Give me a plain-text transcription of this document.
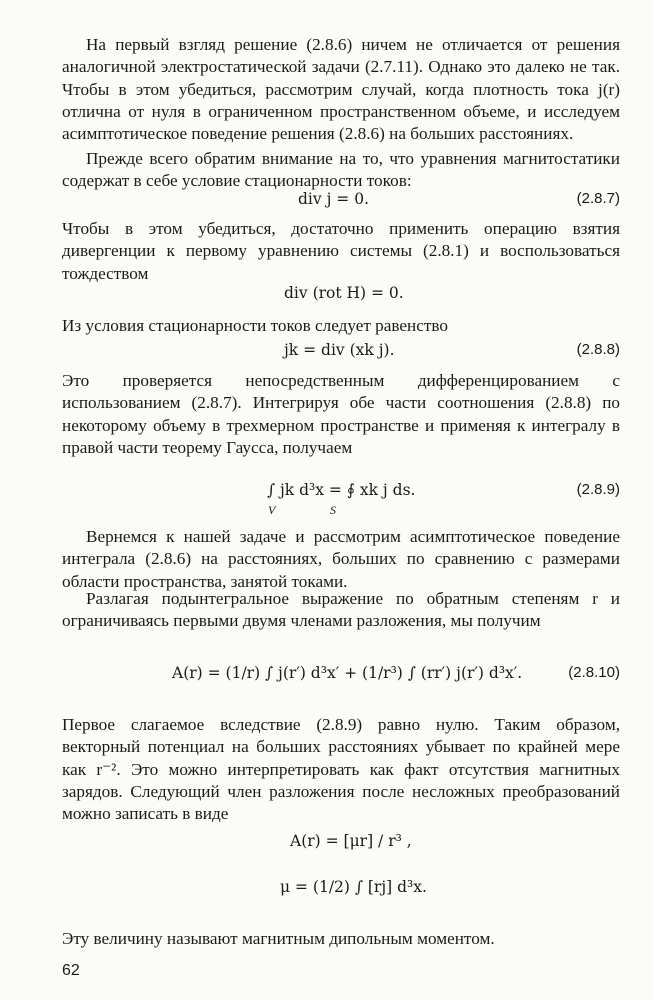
На первый взгляд решение (2.8.6) ничем не отличается от решения аналогичной электростатической задачи (2.7.11). Однако это далеко не так. Чтобы в этом убедиться, рассмотрим случай, когда плотность тока j(r) отлична от нуля в ограниченном пространственном объеме, и исследуем асимптотическое поведение решения (2.8.6) на больших расстояниях.

Прежде всего обратим внимание на то, что уравнения магнитостатики содержат в себе условие стационарности токов:

div j = 0.	(2.8.7)

Чтобы в этом убедиться, достаточно применить операцию взятия дивергенции к первому уравнению системы (2.8.1) и воспользоваться тождеством

div (rot H) = 0.

Из условия стационарности токов следует равенство

jk = div (xk j).	(2.8.8)

Это проверяется непосредственным дифференцированием с использованием (2.8.7). Интегрируя обе части соотношения (2.8.8) по некоторому объему в трехмерном пространстве и применяя к интегралу в правой части теорему Гаусса, получаем

∫ jk d³x = ∮ xk j ds.
V	S
(2.8.9)

Вернемся к нашей задаче и рассмотрим асимптотическое поведение интеграла (2.8.6) на расстояниях, больших по сравнению с размерами области пространства, занятой токами.

Разлагая подынтегральное выражение по обратным степеням r и ограничиваясь первыми двумя членами разложения, мы получим

A(r) = (1/r) ∫ j(r′) d³x′ + (1/r³) ∫ (rr′) j(r′) d³x′.	(2.8.10)

Первое слагаемое вследствие (2.8.9) равно нулю. Таким образом, векторный потенциал на больших расстояниях убывает по крайней мере как r⁻². Это можно интерпретировать как факт отсутствия магнитных зарядов. Следующий член разложения после несложных преобразований можно записать в виде

A(r) = [μr] / r³ ,
μ = (1/2) ∫ [rj] d³x.

Эту величину называют магнитным дипольным моментом.

62
